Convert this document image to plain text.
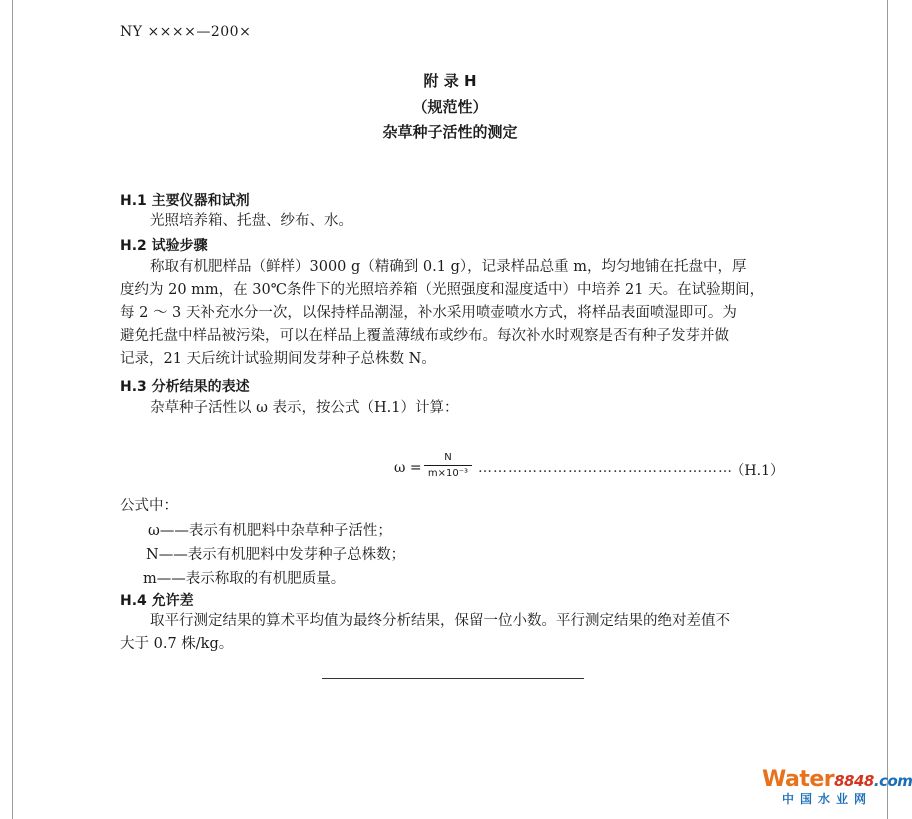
NY ××××—200×
附 录 H
（规范性）
杂草种子活性的测定
H.1 主要仪器和试剂
光照培养箱、托盘、纱布、水。
H.2 试验步骤
称取有机肥样品（鲜样）3000 g（精确到 0.1 g），记录样品总重 m，均匀地铺在托盘中，厚
度约为 20 mm，在 30℃条件下的光照培养箱（光照强度和湿度适中）中培养 21 天。在试验期间，
每 2 ～ 3 天补充水分一次，以保持样品潮湿，补水采用喷壶喷水方式，将样品表面喷湿即可。为
避免托盘中样品被污染，可以在样品上覆盖薄绒布或纱布。每次补水时观察是否有种子发芽并做
记录，21 天后统计试验期间发芽种子总株数 N。
H.3 分析结果的表述
杂草种子活性以 ω 表示，按公式（H.1）计算：
$\omega = \frac{N}{\text{m×10⁻³}}$ ……………………………………………
（H.1）
公式中：
ω——表示有机肥料中杂草种子活性；
N——表示有机肥料中发芽种子总株数；
m——表示称取的有机肥质量。
H.4 允许差
取平行测定结果的算术平均值为最终分析结果，保留一位小数。平行测定结果的绝对差值不
大于 0.7 株/kg。
Water8848.com
中国水业网
